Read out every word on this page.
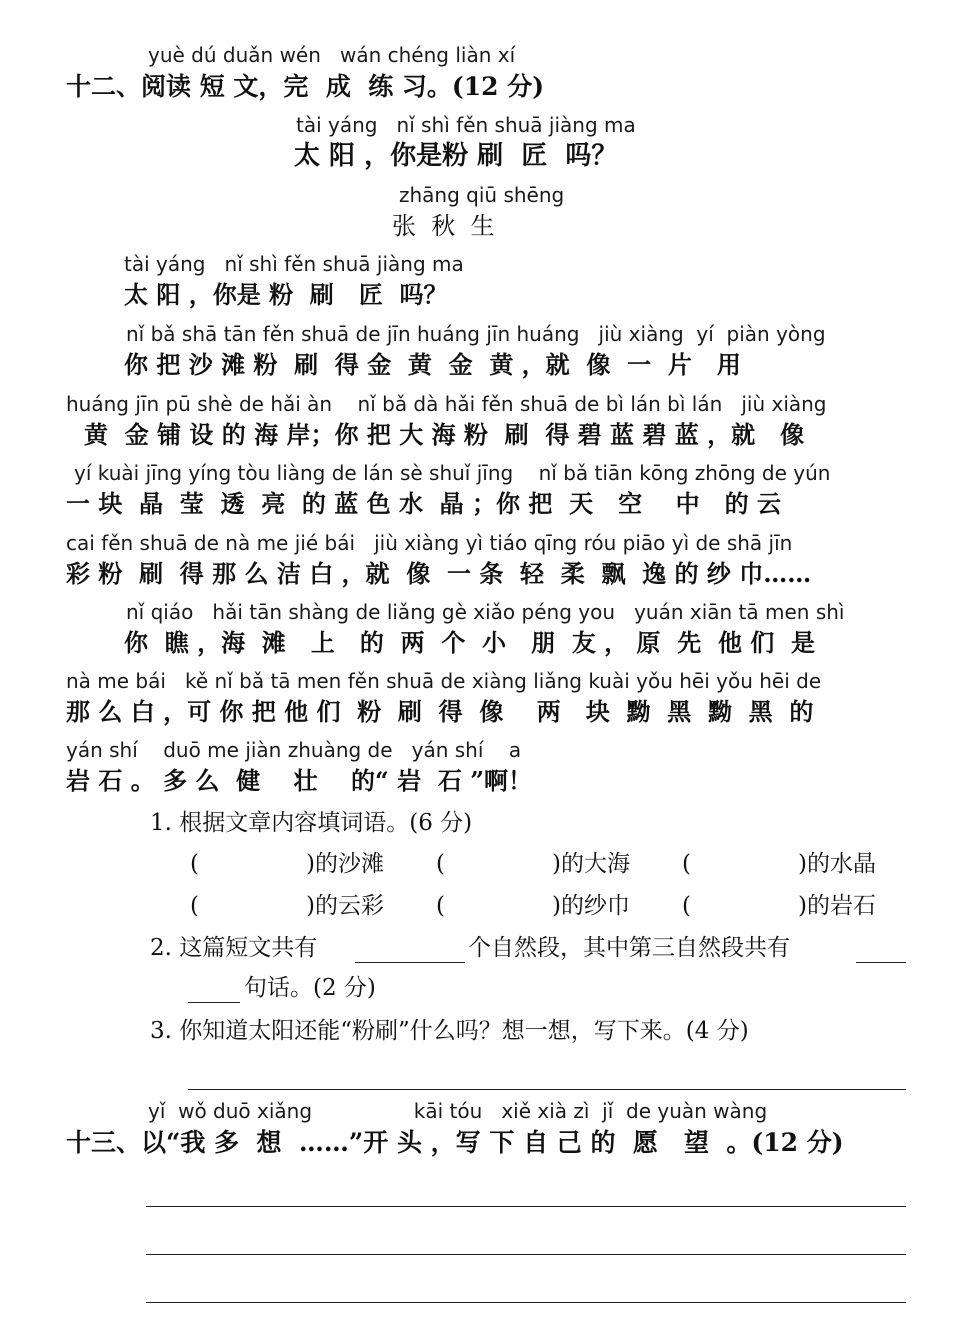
yuè dú duǎn wén   wán chéng liàn xí
十二、阅读 短 文，完  成  练 习。(12 分)
tài yáng   nǐ shì fěn shuā jiàng ma
太 阳 ，你是粉 刷  匠  吗？
zhāng qiū shēng
张  秋  生
tài yáng   nǐ shì fěn shuā jiàng ma
太 阳 ，你是 粉  刷   匠  吗？
nǐ bǎ shā tān fěn shuā de jīn huáng jīn huáng   jiù xiàng  yí  piàn yòng
你 把 沙 滩 粉  刷  得 金  黄  金  黄 ，就  像  一  片   用
huáng jīn pū shè de hǎi àn    nǐ bǎ dà hǎi fěn shuā de bì lán bì lán   jiù xiàng
黄  金 铺 设 的 海 岸；你 把 大 海 粉  刷  得 碧 蓝 碧 蓝 ，就   像
yí kuài jīng yíng tòu liàng de lán sè shuǐ jīng    nǐ bǎ tiān kōng zhōng de yún
一 块  晶  莹  透  亮  的 蓝 色 水  晶 ；你 把  天   空    中   的 云
cai fěn shuā de nà me jié bái   jiù xiàng yì tiáo qīng róu piāo yì de shā jīn
彩 粉  刷  得 那 么 洁 白 ，就  像  一 条  轻  柔  飘  逸 的 纱 巾……
nǐ qiáo   hǎi tān shàng de liǎng gè xiǎo péng you   yuán xiān tā men shì
你  瞧 ，海  滩   上   的  两  个  小   朋  友 ， 原  先  他 们  是
nà me bái   kě nǐ bǎ tā men fěn shuā de xiàng liǎng kuài yǒu hēi yǒu hēi de
那 么 白 ，可 你 把 他 们  粉  刷  得  像    两   块  黝  黑  黝  黑  的
yán shí    duō me jiàn zhuàng de   yán shí    a
岩 石 。 多 么  健    壮    的“ 岩  石 ”啊！
1. 根据文章内容填词语。(6 分)
(	)的沙滩 (	)的大海 (	)的水晶
(	)的云彩 (	)的纱巾 (	)的岩石
2. 这篇短文共有	个自然段，其中第三自然段共有
句话。(2 分)
3. 你知道太阳还能“粉刷”什么吗？想一想，写下来。(4 分)
yǐ  wǒ duō xiǎng                kāi tóu   xiě xià zì  jǐ  de yuàn wàng
十三、以“我 多  想  ……”开 头 ，写 下 自 己 的  愿   望  。(12 分)
